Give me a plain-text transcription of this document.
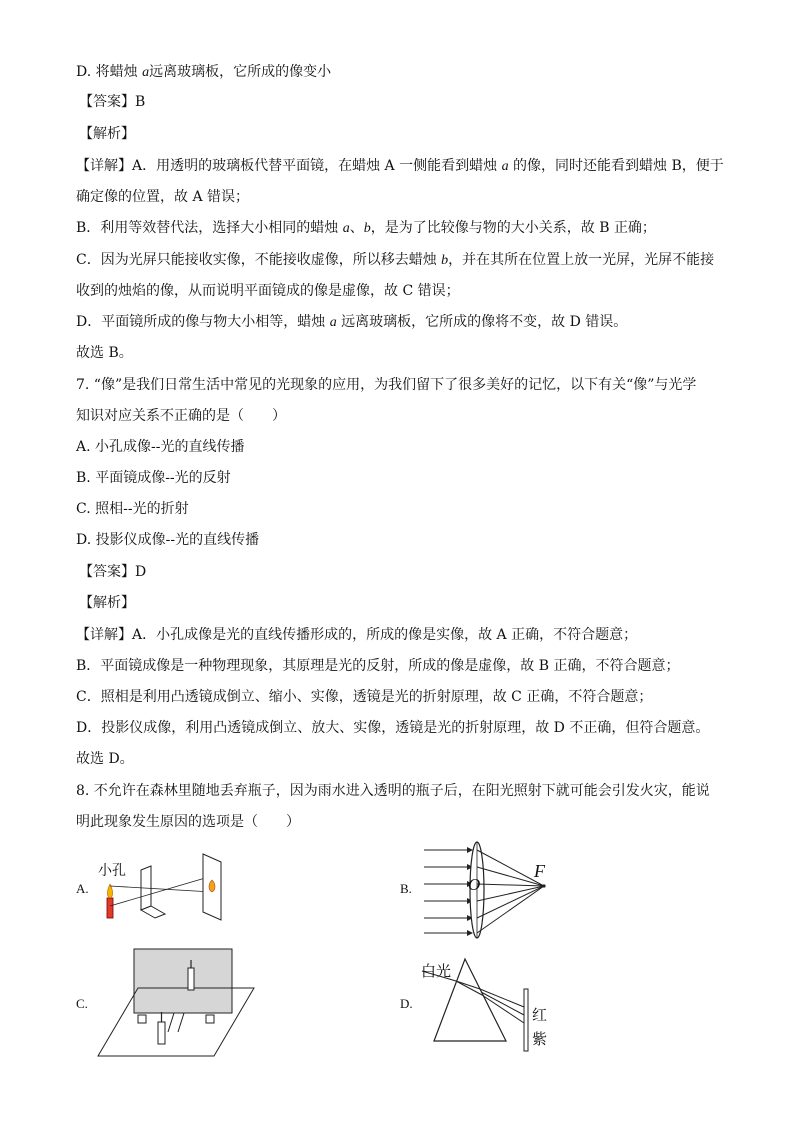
D. 将蜡烛 a远离玻璃板，它所成的像变小
【答案】B
【解析】
【详解】A．用透明的玻璃板代替平面镜，在蜡烛 A 一侧能看到蜡烛 a 的像，同时还能看到蜡烛 B，便于
确定像的位置，故 A 错误；
B．利用等效替代法，选择大小相同的蜡烛 a、b，是为了比较像与物的大小关系，故 B 正确；
C．因为光屏只能接收实像，不能接收虚像，所以移去蜡烛 b，并在其所在位置上放一光屏，光屏不能接
收到的烛焰的像，从而说明平面镜成的像是虚像，故 C 错误；
D．平面镜所成的像与物大小相等，蜡烛 a 远离玻璃板，它所成的像将不变，故 D 错误。
故选 B。
7. “像”是我们日常生活中常见的光现象的应用，为我们留下了很多美好的记忆，以下有关“像”与光学
知识对应关系不正确的是（　　）
A. 小孔成像--光的直线传播
B. 平面镜成像--光的反射
C. 照相--光的折射
D. 投影仪成像--光的直线传播
【答案】D
【解析】
【详解】A．小孔成像是光的直线传播形成的，所成的像是实像，故 A 正确，不符合题意；
B．平面镜成像是一种物理现象，其原理是光的反射，所成的像是虚像，故 B 正确，不符合题意；
C．照相是利用凸透镜成倒立、缩小、实像，透镜是光的折射原理，故 C 正确，不符合题意；
D．投影仪成像，利用凸透镜成倒立、放大、实像，透镜是光的折射原理，故 D 不正确，但符合题意。
故选 D。
8. 不允许在森林里随地丢弃瓶子，因为雨水进入透明的瓶子后，在阳光照射下就可能会引发火灾，能说
明此现象发生原因的选项是（　　）
A.
小孔
B.	O
F
C.	D.
白光
红
紫
